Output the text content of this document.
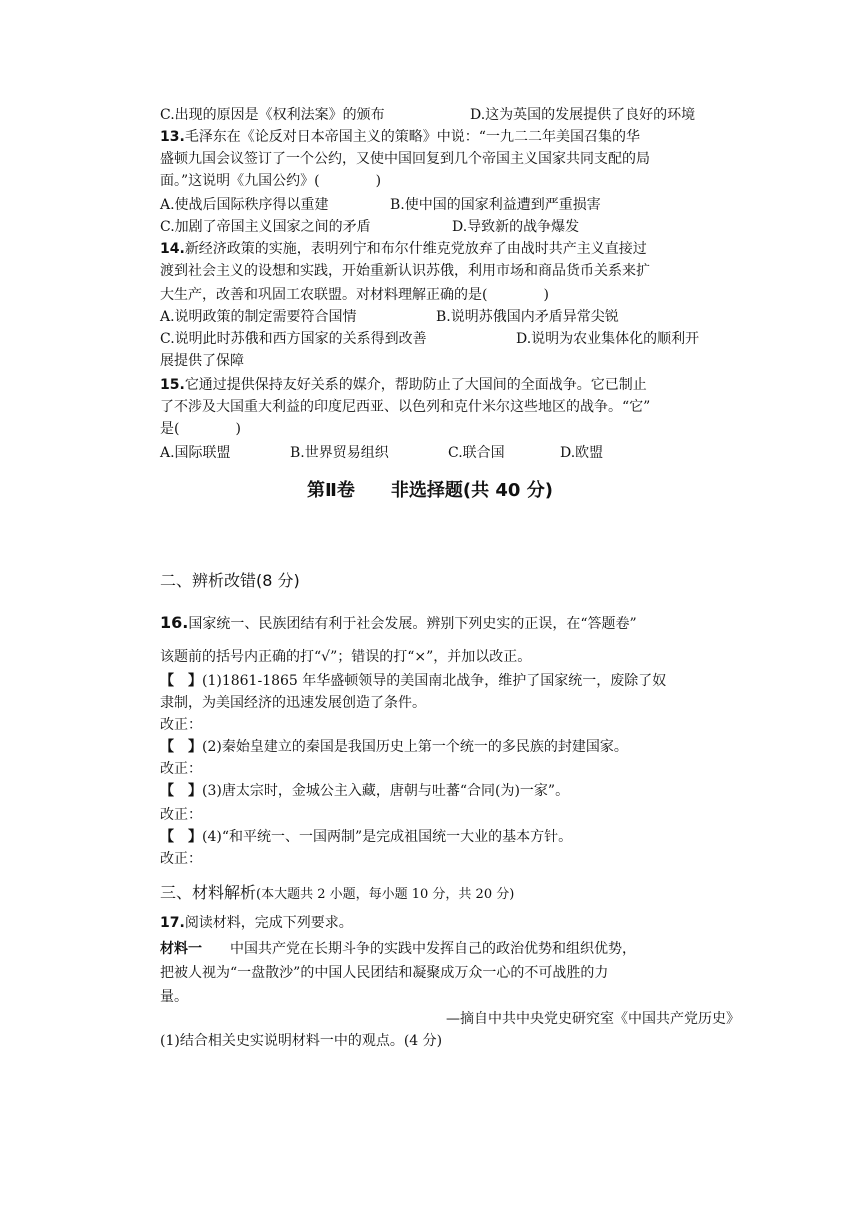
C.出现的原因是《权利法案》的颁布	D.这为英国的发展提供了良好的环境
13.毛泽东在《论反对日本帝国主义的策略》中说：“一九二二年美国召集的华
盛顿九国会议签订了一个公约，又使中国回复到几个帝国主义国家共同支配的局
面。”这说明《九国公约》(　　　　)
A.使战后国际秩序得以重建	B.使中国的国家利益遭到严重损害
C.加剧了帝国主义国家之间的矛盾	D.导致新的战争爆发
14.新经济政策的实施，表明列宁和布尔什维克党放弃了由战时共产主义直接过
渡到社会主义的设想和实践，开始重新认识苏俄，利用市场和商品货币关系来扩
大生产，改善和巩固工农联盟。对材料理解正确的是(　　　　)
A.说明政策的制定需要符合国情	B.说明苏俄国内矛盾异常尖锐
C.说明此时苏俄和西方国家的关系得到改善	D.说明为农业集体化的顺利开
展提供了保障
15.它通过提供保持友好关系的媒介，帮助防止了大国间的全面战争。它已制止
了不涉及大国重大利益的印度尼西亚、以色列和克什米尔这些地区的战争。“它”
是(　　　　)
A.国际联盟	B.世界贸易组织	C.联合国	D.欧盟
第Ⅱ卷　　非选择题(共 40 分)
二、辨析改错(8 分)
16.国家统一、民族团结有利于社会发展。辨别下列史实的正误，在“答题卷”
该题前的括号内正确的打“√”；错误的打“×”，并加以改正。
【　】(1)1861-1865 年华盛顿领导的美国南北战争，维护了国家统一，废除了奴
隶制，为美国经济的迅速发展创造了条件。
改正：
【　】(2)秦始皇建立的秦国是我国历史上第一个统一的多民族的封建国家。
改正：
【　】(3)唐太宗时，金城公主入藏，唐朝与吐蕃“合同(为)一家”。
改正：
【　】(4)“和平统一、一国两制”是完成祖国统一大业的基本方针。
改正：
三、材料解析(本大题共 2 小题，每小题 10 分，共 20 分)
17.阅读材料，完成下列要求。
材料一 中国共产党在长期斗争的实践中发挥自己的政治优势和组织优势，
把被人视为“一盘散沙”的中国人民团结和凝聚成万众一心的不可战胜的力
量。
—摘自中共中央党史研究室《中国共产党历史》
(1)结合相关史实说明材料一中的观点。(4 分)
